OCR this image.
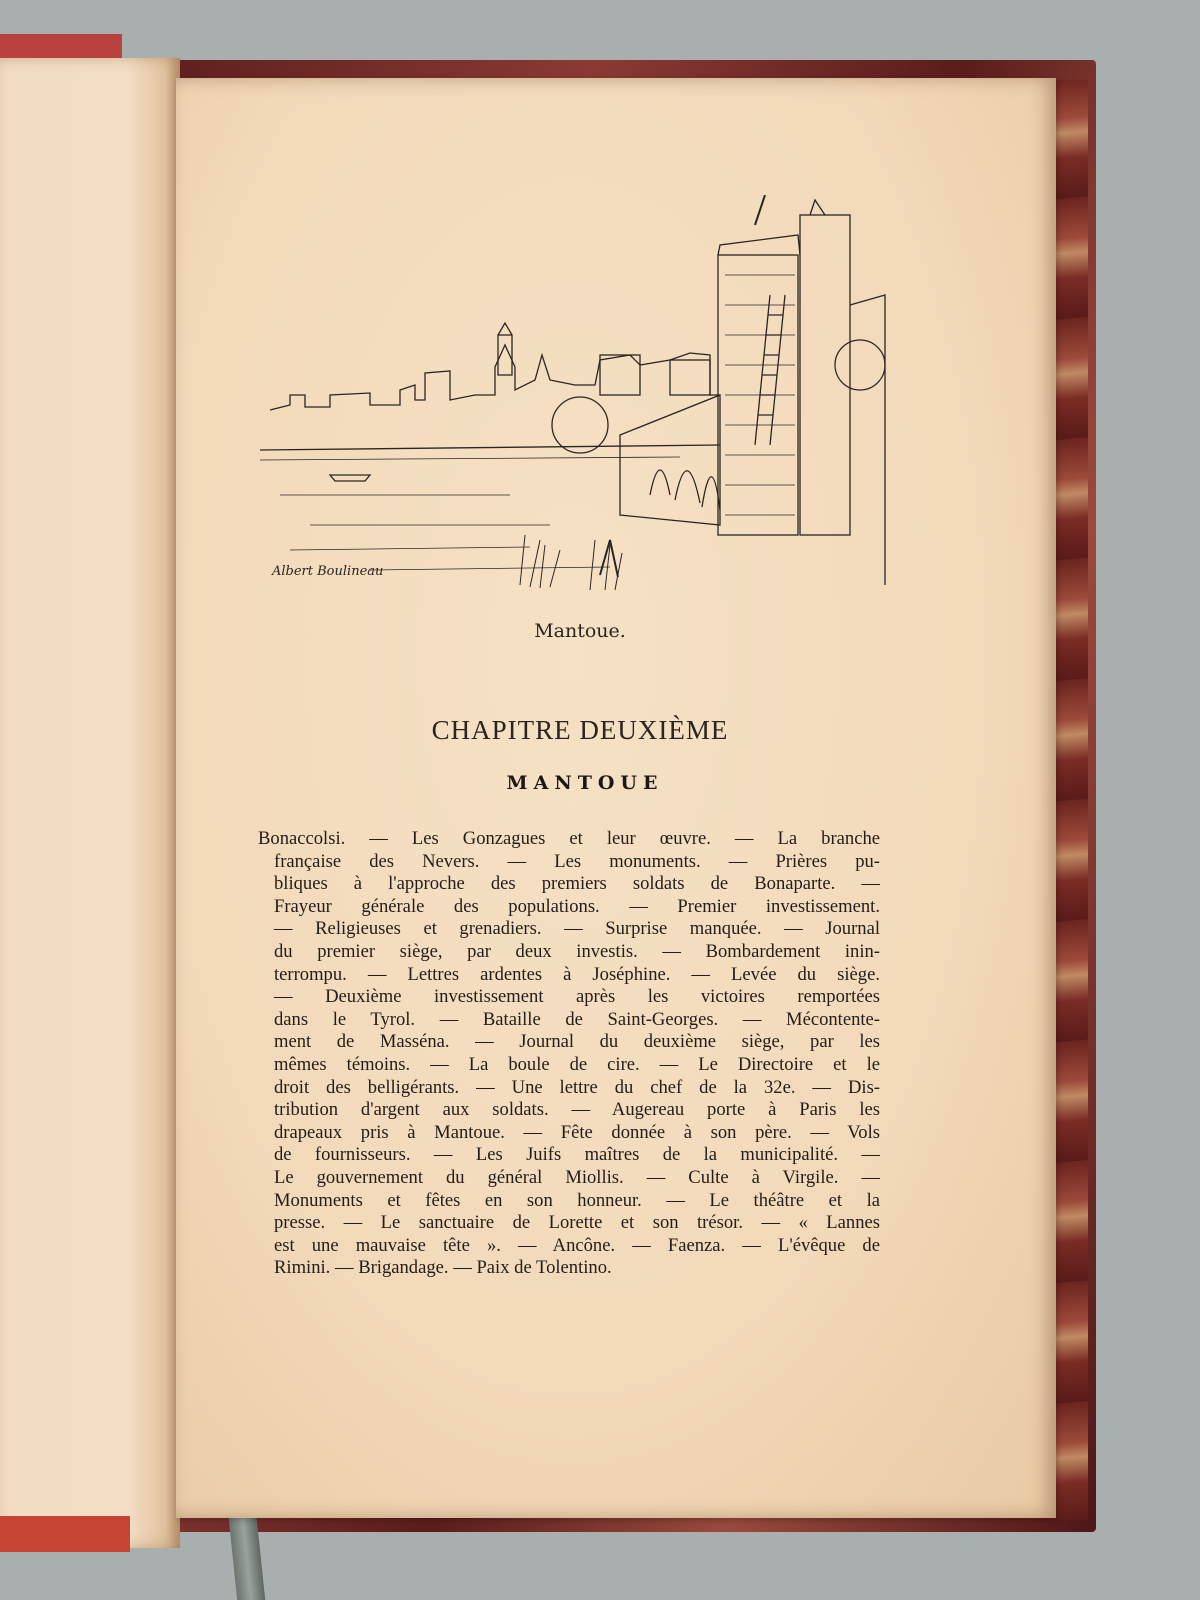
Albert Boulineau
Mantoue.
CHAPITRE DEUXIÈME
MANTOUE
Bonaccolsi. — Les Gonzagues et leur œuvre. — La branche
française des Nevers. — Les monuments. — Prières pu-
bliques à l'approche des premiers soldats de Bonaparte. —
Frayeur générale des populations. — Premier investissement.
— Religieuses et grenadiers. — Surprise manquée. — Journal
du premier siège, par deux investis. — Bombardement inin-
terrompu. — Lettres ardentes à Joséphine. — Levée du siège.
— Deuxième investissement après les victoires remportées
dans le Tyrol. — Bataille de Saint-Georges. — Mécontente-
ment de Masséna. — Journal du deuxième siège, par les
mêmes témoins. — La boule de cire. — Le Directoire et le
droit des belligérants. — Une lettre du chef de la 32e. — Dis-
tribution d'argent aux soldats. — Augereau porte à Paris les
drapeaux pris à Mantoue. — Fête donnée à son père. — Vols
de fournisseurs. — Les Juifs maîtres de la municipalité. —
Le gouvernement du général Miollis. — Culte à Virgile. —
Monuments et fêtes en son honneur. — Le théâtre et la
presse. — Le sanctuaire de Lorette et son trésor. — « Lannes
est une mauvaise tête ». — Ancône. — Faenza. — L'évêque de
Rimini. — Brigandage. — Paix de Tolentino.
